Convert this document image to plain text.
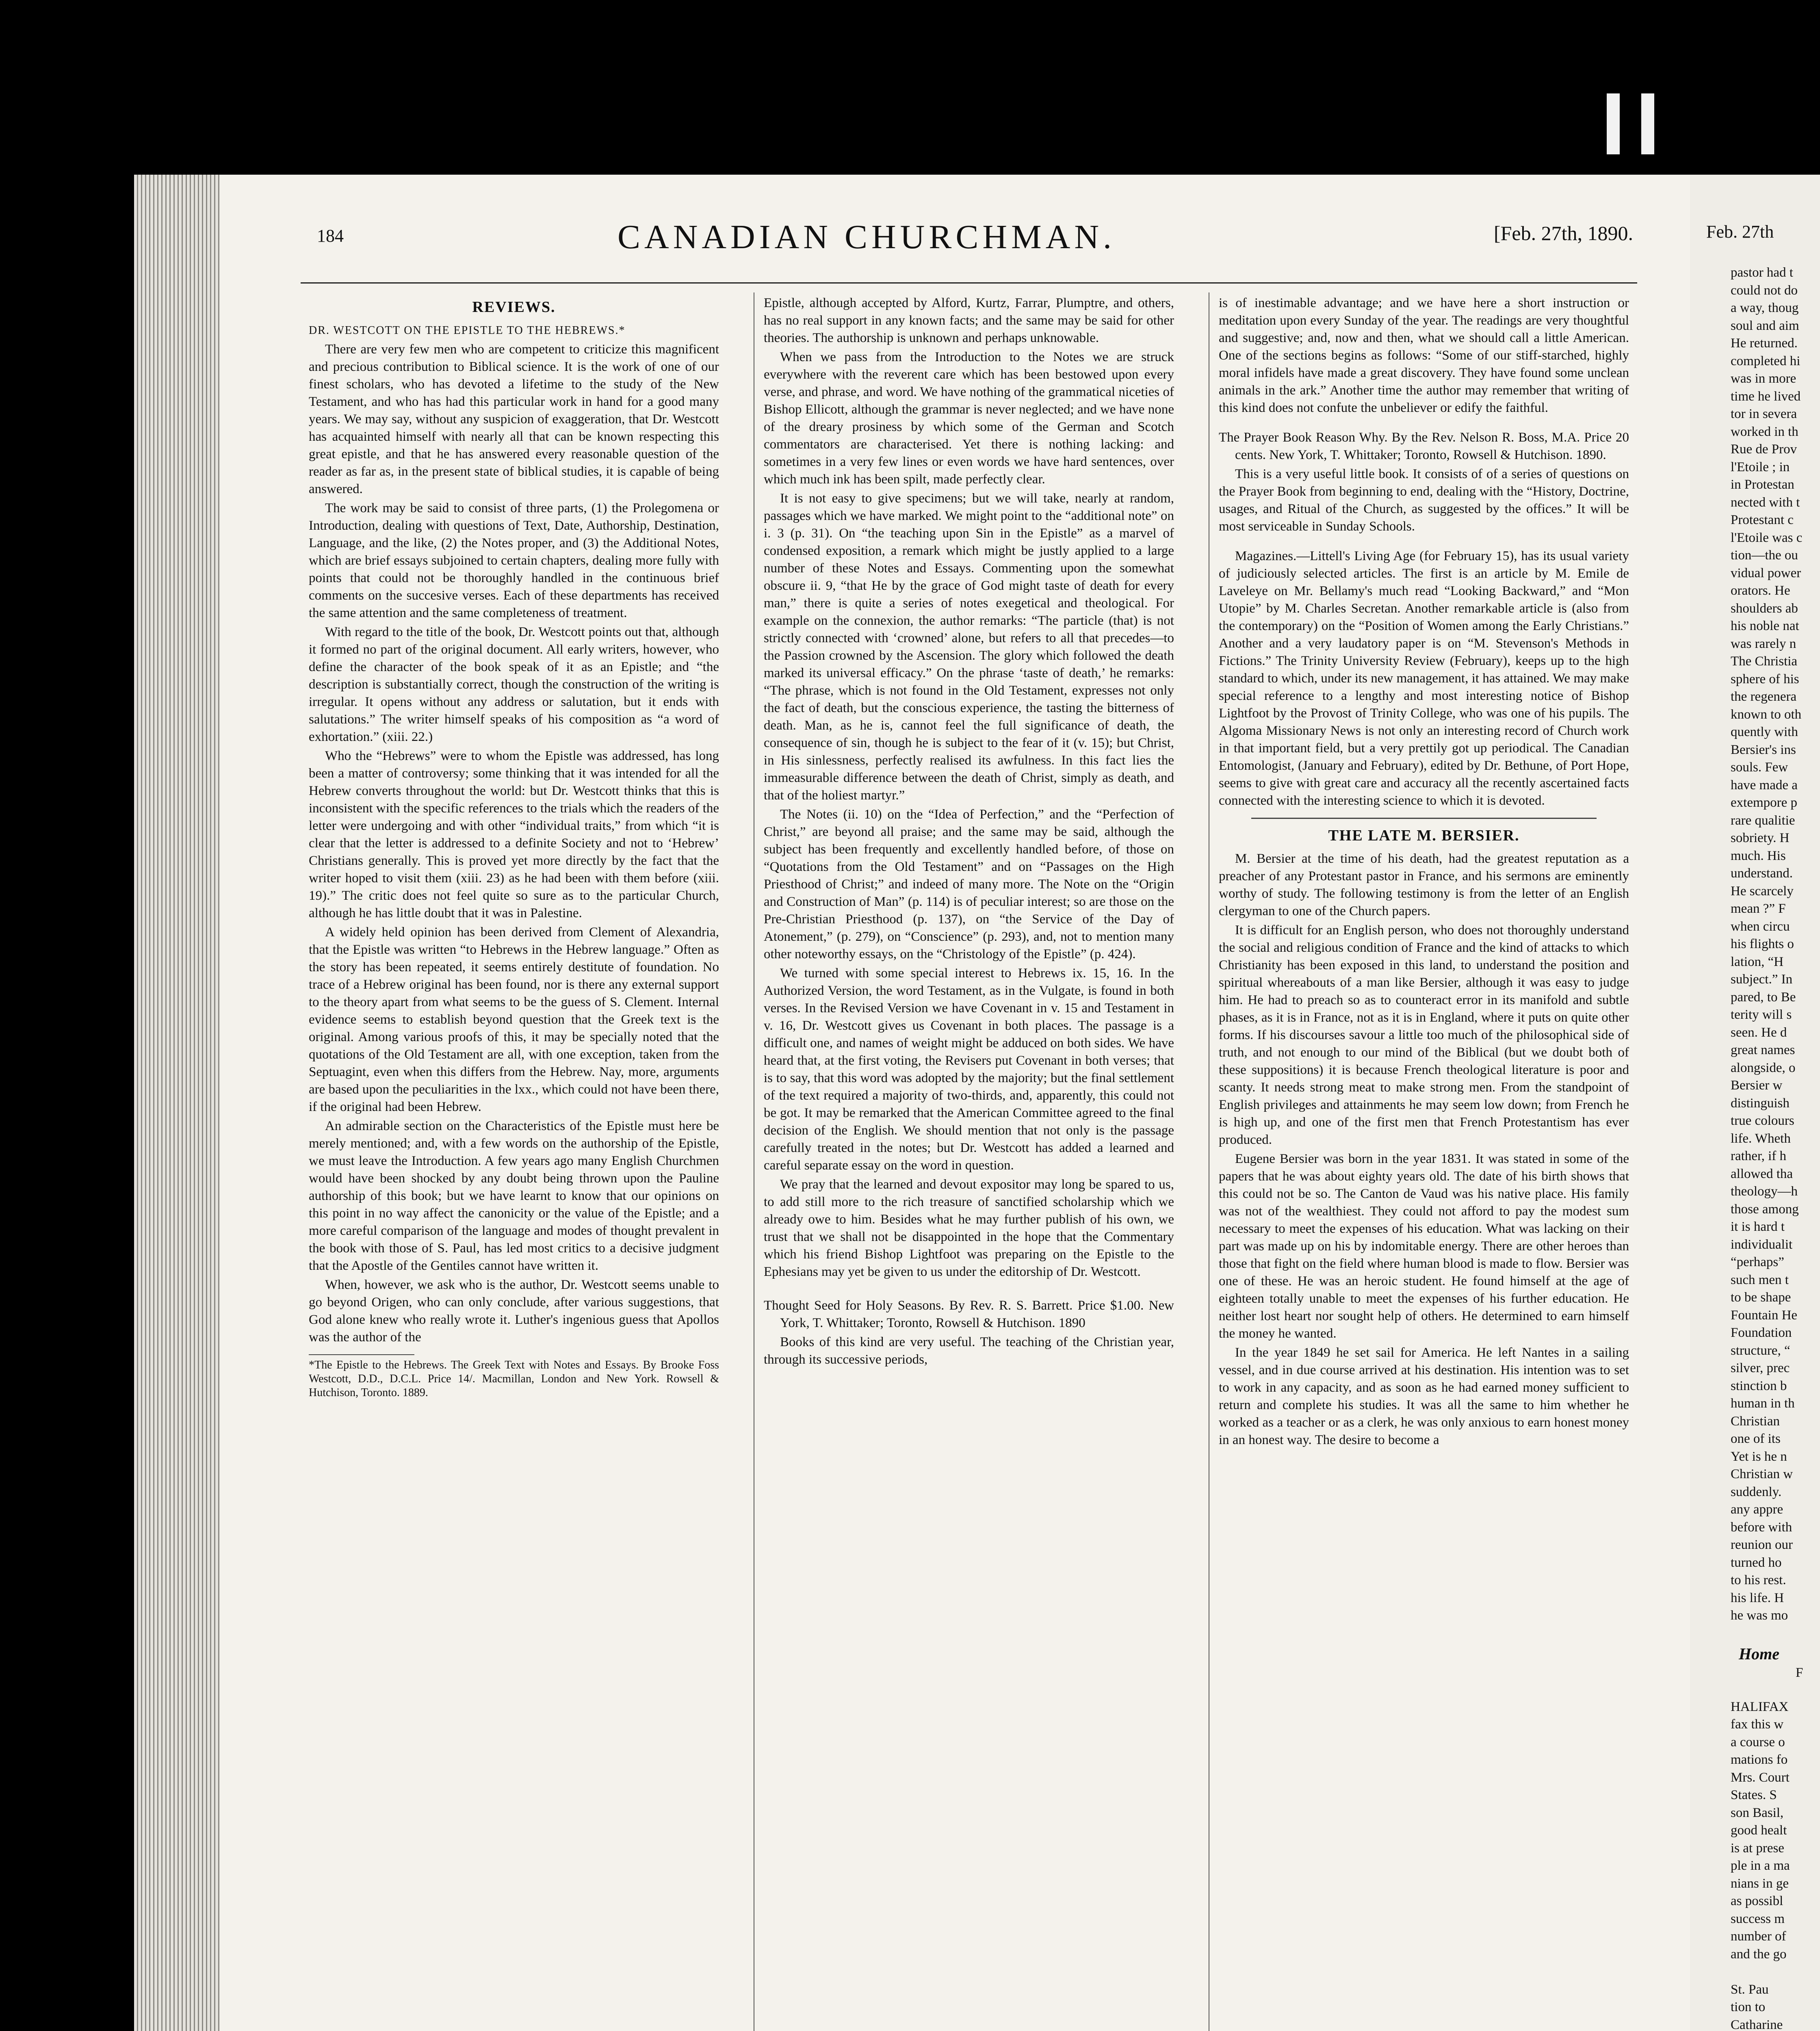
Feb. 27th
pastor had t
could not do
a way, thoug
soul and aim
He returned.
completed hi
was in more
time he lived
tor in severa
worked in th
Rue de Prov
l'Etoile ; in
in Protestan
nected with t
Protestant c
l'Etoile was c
tion—the ou
vidual power
orators. He
shoulders ab
his noble nat
was rarely n
The Christia
sphere of his
the regenera
known to oth
quently with
Bersier's ins
souls. Few
have made a
extempore p
rare qualitie
sobriety. H
much. His
understand.
He scarcely
mean ?” F
when circu
his flights o
lation, “H
subject.” In
pared, to Be
terity will s
seen. He d
great names
alongside, o
Bersier w
distinguish
true colours
life. Wheth
rather, if h
allowed tha
theology—h
those among
it is hard t
individualit
“perhaps”
such men t
to be shape
Fountain He
Foundation
structure, “
silver, prec
stinction b
human in th
Christian
one of its
Yet is he n
Christian w
suddenly.
any appre
before with
reunion our
turned ho
to his rest.
his life. H
he was mo
Home
F
HALIFAX
fax this w
a course o
mations fo
Mrs. Court
States. S
son Basil,
good healt
is at prese
ple in a ma
nians in ge
as possibl
success m
number of
and the go

St. Pau
tion to
Catharine
184	CANADIAN CHURCHMAN.	[Feb. 27th, 1890.
REVIEWS.

DR. WESTCOTT ON THE EPISTLE TO THE HEBREWS.*

There are very few men who are competent to criticize this magnificent and precious contribution to Biblical science. It is the work of one of our finest scholars, who has devoted a lifetime to the study of the New Testament, and who has had this particular work in hand for a good many years. We may say, without any suspicion of exaggeration, that Dr. Westcott has acquainted himself with nearly all that can be known respecting this great epistle, and that he has answered every reasonable question of the reader as far as, in the present state of biblical studies, it is capable of being answered.

The work may be said to consist of three parts, (1) the Prolegomena or Introduction, dealing with questions of Text, Date, Authorship, Destination, Language, and the like, (2) the Notes proper, and (3) the Additional Notes, which are brief essays subjoined to certain chapters, dealing more fully with points that could not be thoroughly handled in the continuous brief comments on the succesive verses. Each of these departments has received the same attention and the same completeness of treatment.

With regard to the title of the book, Dr. Westcott points out that, although it formed no part of the original document. All early writers, however, who define the character of the book speak of it as an Epistle; and “the description is substantially correct, though the construction of the writing is irregular. It opens without any address or salutation, but it ends with salutations.” The writer himself speaks of his composition as “a word of exhortation.” (xiii. 22.)

Who the “Hebrews” were to whom the Epistle was addressed, has long been a matter of controversy; some thinking that it was intended for all the Hebrew converts throughout the world: but Dr. Westcott thinks that this is inconsistent with the specific references to the trials which the readers of the letter were undergoing and with other “individual traits,” from which “it is clear that the letter is addressed to a definite Society and not to ‘Hebrew’ Christians generally. This is proved yet more directly by the fact that the writer hoped to visit them (xiii. 23) as he had been with them before (xiii. 19).” The critic does not feel quite so sure as to the particular Church, although he has little doubt that it was in Palestine.

A widely held opinion has been derived from Clement of Alexandria, that the Epistle was written “to Hebrews in the Hebrew language.” Often as the story has been repeated, it seems entirely destitute of foundation. No trace of a Hebrew original has been found, nor is there any external support to the theory apart from what seems to be the guess of S. Clement. Internal evidence seems to establish beyond question that the Greek text is the original. Among various proofs of this, it may be specially noted that the quotations of the Old Testament are all, with one exception, taken from the Septuagint, even when this differs from the Hebrew. Nay, more, arguments are based upon the peculiarities in the lxx., which could not have been there, if the original had been Hebrew.

An admirable section on the Characteristics of the Epistle must here be merely mentioned; and, with a few words on the authorship of the Epistle, we must leave the Introduction. A few years ago many English Churchmen would have been shocked by any doubt being thrown upon the Pauline authorship of this book; but we have learnt to know that our opinions on this point in no way affect the canonicity or the value of the Epistle; and a more careful comparison of the language and modes of thought prevalent in the book with those of S. Paul, has led most critics to a decisive judgment that the Apostle of the Gentiles cannot have written it.

When, however, we ask who is the author, Dr. Westcott seems unable to go beyond Origen, who can only conclude, after various suggestions, that God alone knew who really wrote it. Luther's ingenious guess that Apollos was the author of the

*The Epistle to the Hebrews. The Greek Text with Notes and Essays. By Brooke Foss Westcott, D.D., D.C.L. Price 14/. Macmillan, London and New York. Rowsell & Hutchison, Toronto. 1889.

Epistle, although accepted by Alford, Kurtz, Farrar, Plumptre, and others, has no real support in any known facts; and the same may be said for other theories. The authorship is unknown and perhaps unknowable.

When we pass from the Introduction to the Notes we are struck everywhere with the reverent care which has been bestowed upon every verse, and phrase, and word. We have nothing of the grammatical niceties of Bishop Ellicott, although the grammar is never neglected; and we have none of the dreary prosiness by which some of the German and Scotch commentators are characterised. Yet there is nothing lacking: and sometimes in a very few lines or even words we have hard sentences, over which much ink has been spilt, made perfectly clear.

It is not easy to give specimens; but we will take, nearly at random, passages which we have marked. We might point to the “additional note” on i. 3 (p. 31). On “the teaching upon Sin in the Epistle” as a marvel of condensed exposition, a remark which might be justly applied to a large number of these Notes and Essays. Commenting upon the somewhat obscure ii. 9, “that He by the grace of God might taste of death for every man,” there is quite a series of notes exegetical and theological. For example on the connexion, the author remarks: “The particle (that) is not strictly connected with ‘crowned’ alone, but refers to all that precedes—to the Passion crowned by the Ascension. The glory which followed the death marked its universal efficacy.” On the phrase ‘taste of death,’ he remarks: “The phrase, which is not found in the Old Testament, expresses not only the fact of death, but the conscious experience, the tasting the bitterness of death. Man, as he is, cannot feel the full significance of death, the consequence of sin, though he is subject to the fear of it (v. 15); but Christ, in His sinlessness, perfectly realised its awfulness. In this fact lies the immeasurable difference between the death of Christ, simply as death, and that of the holiest martyr.”

The Notes (ii. 10) on the “Idea of Perfection,” and the “Perfection of Christ,” are beyond all praise; and the same may be said, although the subject has been frequently and excellently handled before, of those on “Quotations from the Old Testament” and on “Passages on the High Priesthood of Christ;” and indeed of many more. The Note on the “Origin and Construction of Man” (p. 114) is of peculiar interest; so are those on the Pre-Christian Priesthood (p. 137), on “the Service of the Day of Atonement,” (p. 279), on “Conscience” (p. 293), and, not to mention many other noteworthy essays, on the “Christology of the Epistle” (p. 424).

We turned with some special interest to Hebrews ix. 15, 16. In the Authorized Version, the word Testament, as in the Vulgate, is found in both verses. In the Revised Version we have Covenant in v. 15 and Testament in v. 16, Dr. Westcott gives us Covenant in both places. The passage is a difficult one, and names of weight might be adduced on both sides. We have heard that, at the first voting, the Revisers put Covenant in both verses; that is to say, that this word was adopted by the majority; but the final settlement of the text required a majority of two-thirds, and, apparently, this could not be got. It may be remarked that the American Committee agreed to the final decision of the English. We should mention that not only is the passage carefully treated in the notes; but Dr. Westcott has added a learned and careful separate essay on the word in question.

We pray that the learned and devout expositor may long be spared to us, to add still more to the rich treasure of sanctified scholarship which we already owe to him. Besides what he may further publish of his own, we trust that we shall not be disappointed in the hope that the Commentary which his friend Bishop Lightfoot was preparing on the Epistle to the Ephesians may yet be given to us under the editorship of Dr. Westcott.

Thought Seed for Holy Seasons. By Rev. R. S. Barrett. Price $1.00. New York, T. Whittaker; Toronto, Rowsell & Hutchison. 1890

Books of this kind are very useful. The teaching of the Christian year, through its successive periods,

is of inestimable advantage; and we have here a short instruction or meditation upon every Sunday of the year. The readings are very thoughtful and suggestive; and, now and then, what we should call a little American. One of the sections begins as follows: “Some of our stiff-starched, highly moral infidels have made a great discovery. They have found some unclean animals in the ark.” Another time the author may remember that writing of this kind does not confute the unbeliever or edify the faithful.

The Prayer Book Reason Why. By the Rev. Nelson R. Boss, M.A. Price 20 cents. New York, T. Whittaker; Toronto, Rowsell & Hutchison. 1890.

This is a very useful little book. It consists of of a series of questions on the Prayer Book from beginning to end, dealing with the “History, Doctrine, usages, and Ritual of the Church, as suggested by the offices.” It will be most serviceable in Sunday Schools.

Magazines.—Littell's Living Age (for February 15), has its usual variety of judiciously selected articles. The first is an article by M. Emile de Laveleye on Mr. Bellamy's much read “Looking Backward,” and “Mon Utopie” by M. Charles Secretan. Another remarkable article is (also from the contemporary) on the “Position of Women among the Early Christians.” Another and a very laudatory paper is on “M. Stevenson's Methods in Fictions.” The Trinity University Review (February), keeps up to the high standard to which, under its new management, it has attained. We may make special reference to a lengthy and most interesting notice of Bishop Lightfoot by the Provost of Trinity College, who was one of his pupils. The Algoma Missionary News is not only an interesting record of Church work in that important field, but a very prettily got up periodical. The Canadian Entomologist, (January and February), edited by Dr. Bethune, of Port Hope, seems to give with great care and accuracy all the recently ascertained facts connected with the interesting science to which it is devoted.

THE LATE M. BERSIER.

M. Bersier at the time of his death, had the greatest reputation as a preacher of any Protestant pastor in France, and his sermons are eminently worthy of study. The following testimony is from the letter of an English clergyman to one of the Church papers.

It is difficult for an English person, who does not thoroughly understand the social and religious condition of France and the kind of attacks to which Christianity has been exposed in this land, to understand the position and spiritual whereabouts of a man like Bersier, although it was easy to judge him. He had to preach so as to counteract error in its manifold and subtle phases, as it is in France, not as it is in England, where it puts on quite other forms. If his discourses savour a little too much of the philosophical side of truth, and not enough to our mind of the Biblical (but we doubt both of these suppositions) it is because French theological literature is poor and scanty. It needs strong meat to make strong men. From the standpoint of English privileges and attainments he may seem low down; from French he is high up, and one of the first men that French Protestantism has ever produced.

Eugene Bersier was born in the year 1831. It was stated in some of the papers that he was about eighty years old. The date of his birth shows that this could not be so. The Canton de Vaud was his native place. His family was not of the wealthiest. They could not afford to pay the modest sum necessary to meet the expenses of his education. What was lacking on their part was made up on his by indomitable energy. There are other heroes than those that fight on the field where human blood is made to flow. Bersier was one of these. He was an heroic student. He found himself at the age of eighteen totally unable to meet the expenses of his further education. He neither lost heart nor sought help of others. He determined to earn himself the money he wanted.

In the year 1849 he set sail for America. He left Nantes in a sailing vessel, and in due course arrived at his destination. His intention was to set to work in any capacity, and as soon as he had earned money sufficient to return and complete his studies. It was all the same to him whether he worked as a teacher or as a clerk, he was only anxious to earn honest money in an honest way. The desire to become a
